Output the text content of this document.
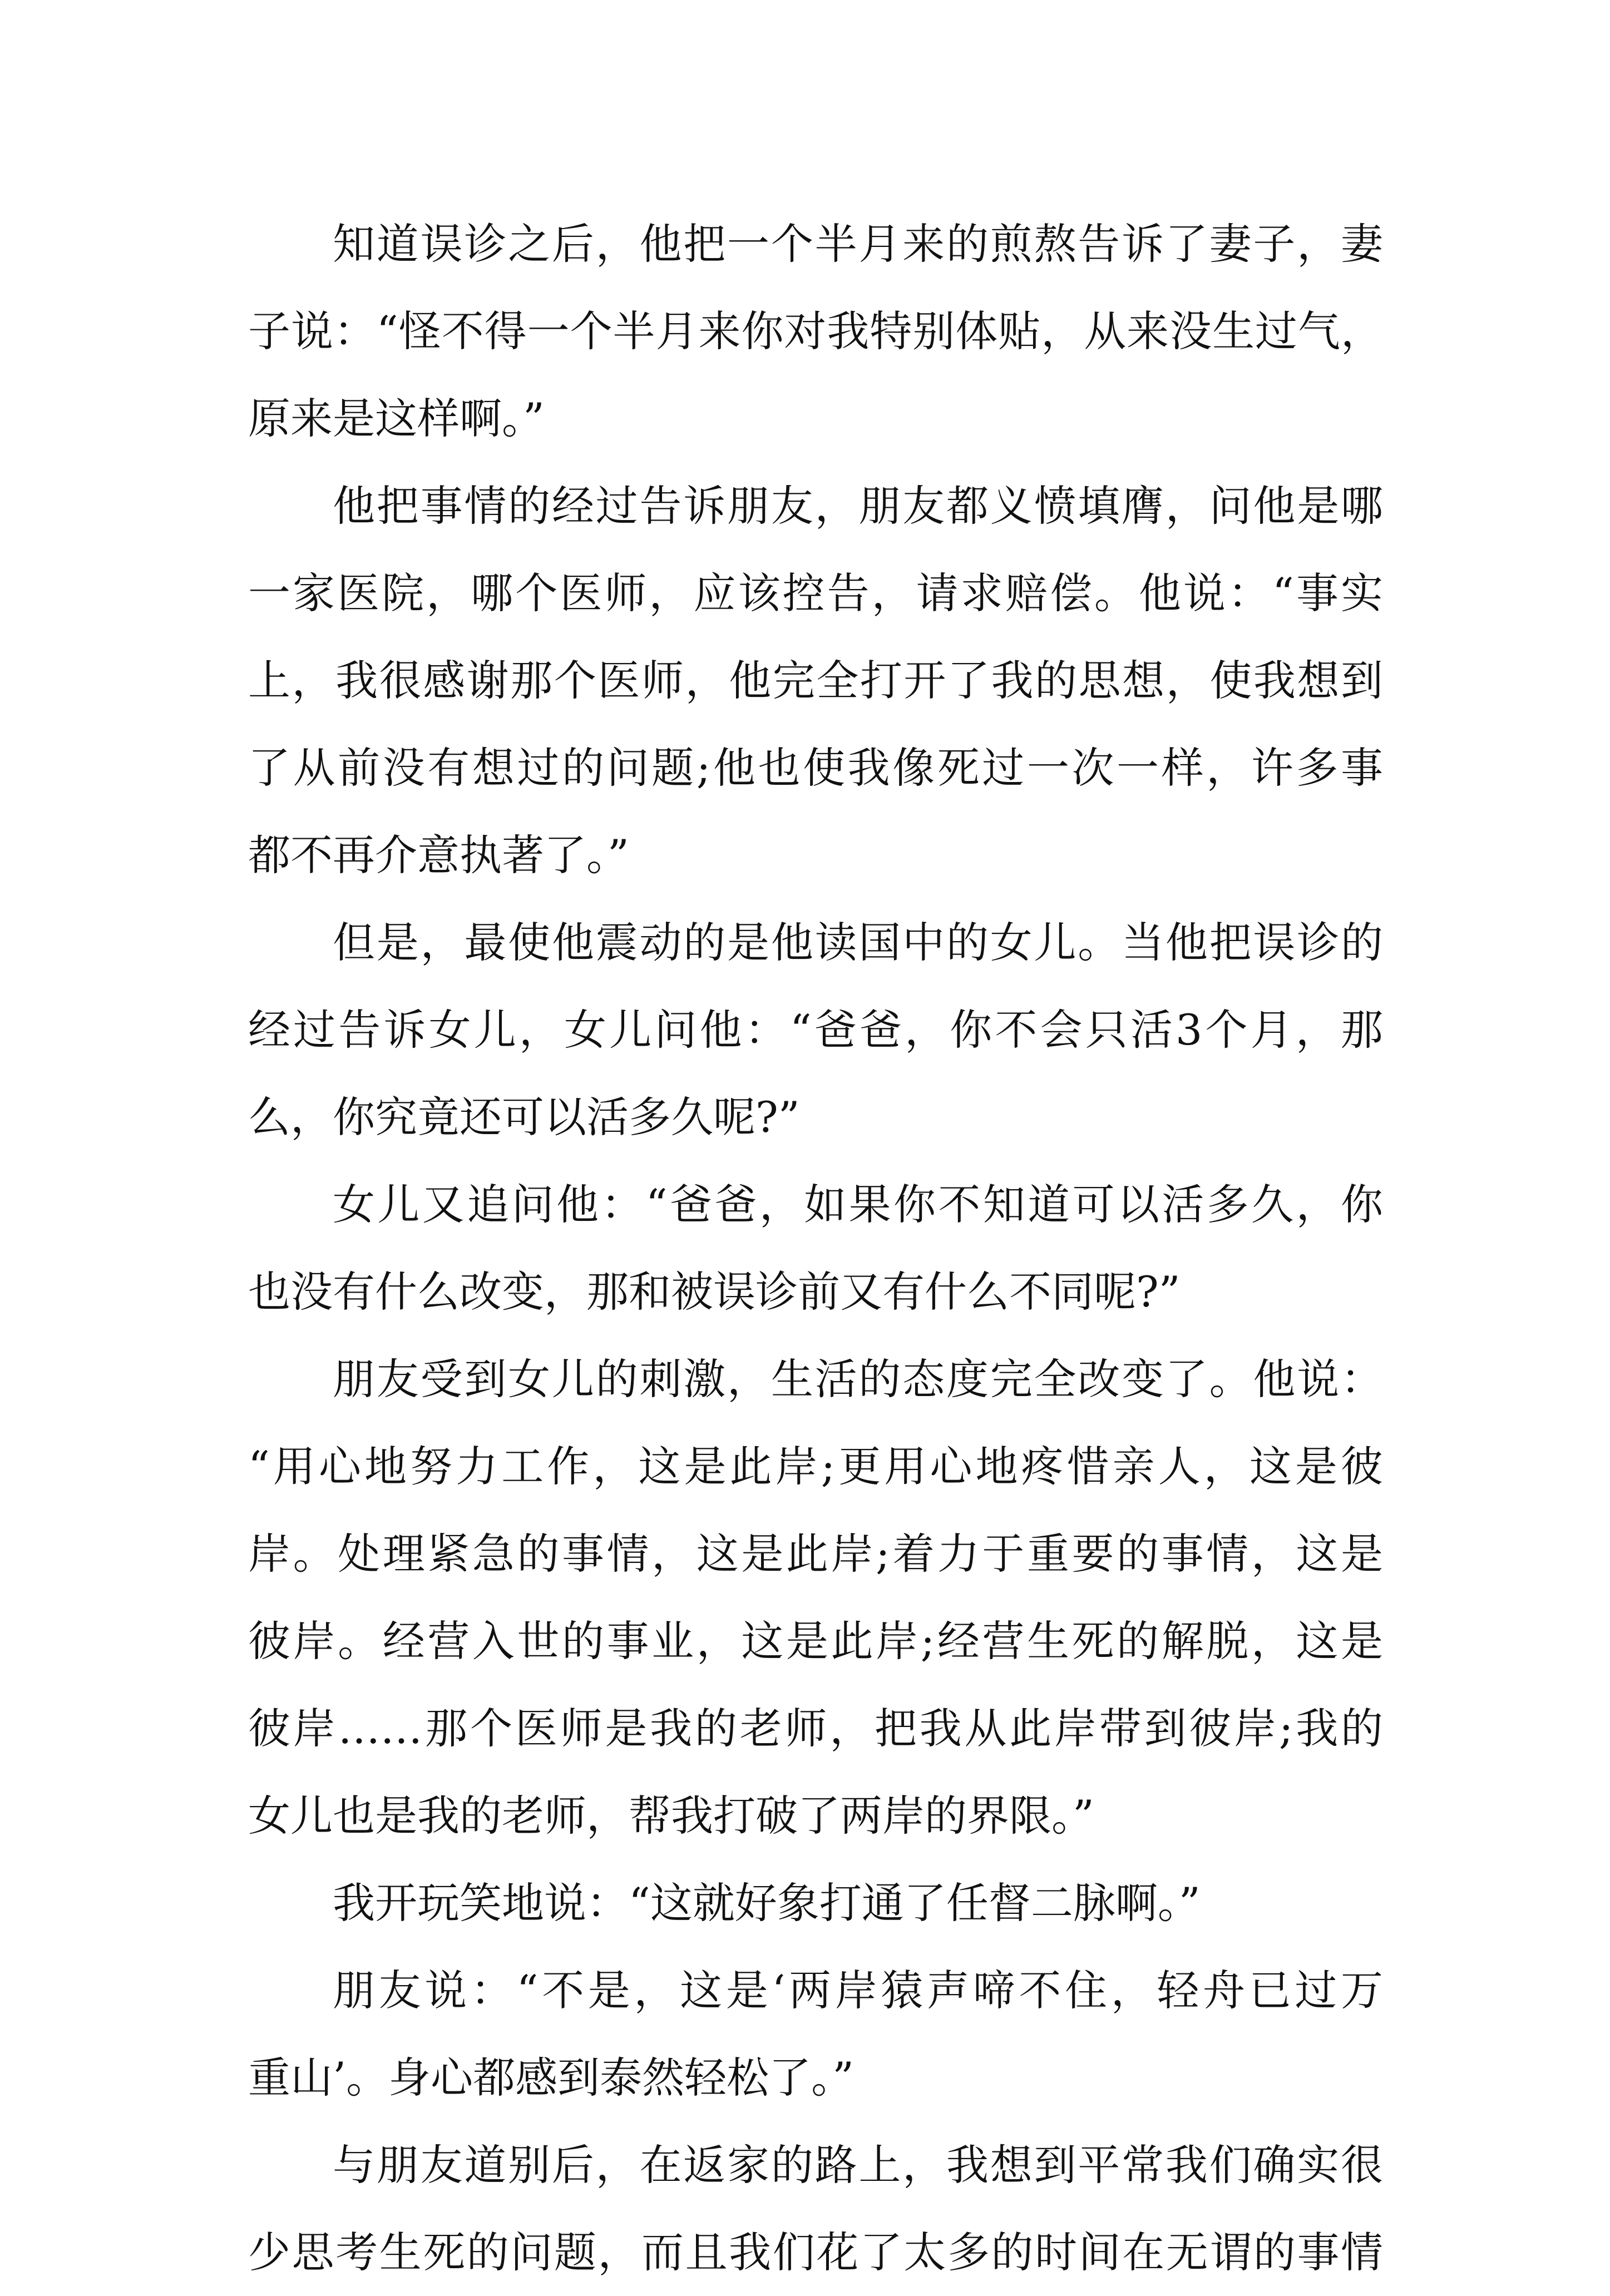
知道误诊之后，他把一个半月来的煎熬告诉了妻子，妻
子说：“怪不得一个半月来你对我特别体贴，从来没生过气，
原来是这样啊。”

他把事情的经过告诉朋友，朋友都义愤填膺，问他是哪
一家医院，哪个医师，应该控告，请求赔偿。他说：“事实
上，我很感谢那个医师，他完全打开了我的思想，使我想到
了从前没有想过的问题;他也使我像死过一次一样，许多事
都不再介意执著了。”

但是，最使他震动的是他读国中的女儿。当他把误诊的
经过告诉女儿，女儿问他：“爸爸，你不会只活3个月，那
么，你究竟还可以活多久呢?”

女儿又追问他：“爸爸，如果你不知道可以活多久，你
也没有什么改变，那和被误诊前又有什么不同呢?”

朋友受到女儿的刺激，生活的态度完全改变了。他说：
“用心地努力工作，这是此岸;更用心地疼惜亲人，这是彼
岸。处理紧急的事情，这是此岸;着力于重要的事情，这是
彼岸。经营入世的事业，这是此岸;经营生死的解脱，这是
彼岸……那个医师是我的老师，把我从此岸带到彼岸;我的
女儿也是我的老师，帮我打破了两岸的界限。”

我开玩笑地说：“这就好象打通了任督二脉啊。”

朋友说：“不是，这是‘两岸猿声啼不住，轻舟已过万
重山’。身心都感到泰然轻松了。”

与朋友道别后，在返家的路上，我想到平常我们确实很
少思考生死的问题，而且我们花了太多的时间在无谓的事情
